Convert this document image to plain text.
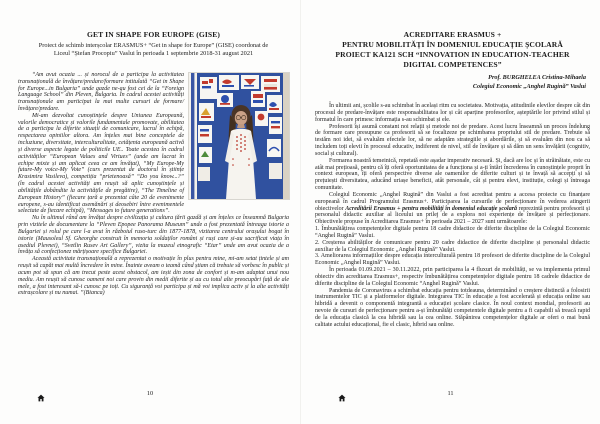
GET IN SHAPE FOR EUROPE (GISE)
Proiect de schimb interșcolar ERASMUS+ “Get in shape for Europe” (GISE) coordonat de
Liceul “Ștefan Procopiu” Vaslui în perioada 1 septembrie 2018-31 august 2021

“Am avut ocazia ... și norocul de a participa la activitatea transnațională de învățare/predare/formare intitulată “Get in Shape for Europe...in Bulgaria” unde gazde ne-au fost cei de la “Foreign Language School” din Pleven, Bulgaria. În cadrul acestei activități transnaționale am participat la mai multe cursuri de formare/învățare/predare.

Mi-am dezvoltat cunoștințele despre Uniunea Europeană, valorile democratice și valorile fundamentale promovate, abilitatea de a participa la diferite situații de comunicare, lucrul în echipă, respectarea opiniilor altora. Am înțeles mai bine conceptele de incluziune, diversitate, interculturalitate, cetățenia europeană activă și diverse aspecte legate de politicile UE.. Toate acestea în cadrul activităților “European Values and Virtues” (unde am lucrat în echipe mixte și am aplicat ceea ce am învățat), “My Europe-My future-My voice-My Vote” (curs prezentat de doctorul în științe Krasimira Vasileva), competiția “prietenoasă” “Do you know...?” (în cadrul acestei activități am reușit să aplic cunoștințele și abilitățile dobândite la activitățile de pregătire), “The Timeline of European History” (fiecare țară a prezentat câte 20 de evenimente europene, s-au identificat asemănări și deosebiri între evenimentele selectate de fiecare echipă), “Messages to future generations”.

Nu în ultimul rând am învățat despre civilizația și cultura țării gazdă și am înțeles ce înseamnă Bulgaria prin vizitele de documentare la “Pleven Epopee Panorama Museum” unde a fost prezentată întreaga istorie a Bulgariei și rolul pe care l-a avut în războiul ruso-turc din 1877-1878, vizitarea centrului orașului bogat în istorie (Mausoleul Sf. Gheorghe construit în memoria soldaților români și ruși care și-au sacrificat viața în asediul Plevnei), “Svetlin Rusev Art Gallery”, vizita la muzeul etnografic “Etar” unde am avut ocazia de a învăța să confecționez mărțișoare specifice Bulgariei.

Această activitate transnațională a reprezentat o motivație în plus pentru mine, mi-am setat țintele și am reușit să capăt mai multă încredere în mine. Înainte aveam o teamă când știam că trebuie să vorbesc în public și acum pot să spun că am trecut peste acest obstacol, am ieșit din zona de confort și m-am adaptat unui nou mediu. Am reușit să cunosc oameni noi care provin din medii diferite și au cu totul alte preocupări față de ale mele, a fost interesant să-i cunosc pe toți. Cu siguranță voi participa și mă voi implica activ și la alte activități extrașcolare și nu numai. ”(Bianca)

10
ACREDITARE ERASMUS +
PENTRU MOBILITĂȚI ÎN DOMENIUL EDUCAȚIE ȘCOLARĂ
PROIECT KA121 SCH “INNOVATION IN EDUCATION-TEACHER
DIGITAL COMPETENCES”
Prof. BURGHELEA Cristina-Mihaela
Colegiul Economic „Anghel Rugină” Vaslui

În ultimii ani, școlile s-au schimbat în același ritm cu societatea. Motivația, atitudinile elevilor despre cât din procesul de predare-învățare este responsabilitatea lor și cât aparține profesorilor, așteptările lor privind stilul și formatul în care primesc informația s-au schimbat și ele.

Profesorii își asumă constant noi relații și metode noi de predare. Acest lucru înseamnă un proces îndelung de formare care presupune ca profesorii să se focalizeze pe schimbarea propriului stil de predare. Trebuie să testăm noi idei, să evaluăm efectele lor, să ne adaptăm strategiile și abordările, și să evaluăm din nou ca să includem toți elevii în procesul educativ, indiferent de nivel, stil de învățare și să dăm un sens învățării (cognitiv, social și cultural).

Formarea noastră temeinică, repetată este așadar imperativ necesară. Și, dacă are loc și în străinătate, este cu atât mai prețioasă, pentru că îți oferă oportunitatea de a funcționa și a-ți întări încrederea în cunoștințele proprii în context european, îți oferă perspective diverse ale oamenilor de diferite culturi și te învață să accepți și să prețuiești diversitatea, aducând uriașe beneficii, atât personale, cât și pentru elevi, instituție, colegi și întreaga comunitate.

Colegiul Economic „Anghel Rugină” din Vaslui a fost acreditat pentru a accesa proiecte cu finanțare europeană în cadrul Programului Erasmus+. Participarea la cursurile de perfecționare în vederea atingerii obiectivelor Acreditării Erasmus + pentru mobilități în domeniul educație școlară reprezintă pentru profesorii și personalul didactic auxiliar al liceului un prilej de a explora noi experiențe de învățare și perfecționare. Obiectivele propuse în Acreditarea Erasmus+ în perioada 2021 – 2027 sunt următoarele:

1. Îmbunătățirea competențelor digitale pentru 18 cadre didactice de diferite discipline de la Colegiul Economic “Anghel Rugină” Vaslui.

2. Creșterea abilităților de comunicare pentru 20 cadre didactice de diferite discipline și personalul didactic auxiliar de la Colegiul Economic „Anghel Rugină” Vaslui.

3. Ameliorarea informațiilor despre educația interculturală pentru 18 profesori de diferite discipline de la Colegiul Economic „Anghel Rugină” Vaslui.

În perioada 01.09.2021 – 30.11.2022, prin participarea la 4 fluxuri de mobilități, se va implementa primul obiectiv din acreditarea Erasmus+, respectiv îmbunătățirea competențelor digitale pentru 18 cadrele didactice de diferite discipline de la Colegiul Economic “Anghel Rugină” Vaslui.

Pandemia de Coronavirus a schimbat educația pentru totdeauna, determinând o creștere distinctă a folosirii instrumentelor TIC și a platformelor digitale. Integrarea TIC în educație a fost accelerată și educația online sau hibridă a devenit o componentă integrantă a educației școlare clasice. În noul context mondial, profesorii au nevoie de cursuri de perfecționare pentru a-și îmbunătăți competentele digitale pentru a fi capabili să treacă rapid de la educația clasică la cea hibridă sau la cea online. Stăpânirea competențelor digitale ar oferi o mai bună calitate actului educațional, fie el clasic, hibrid sau online.

11
